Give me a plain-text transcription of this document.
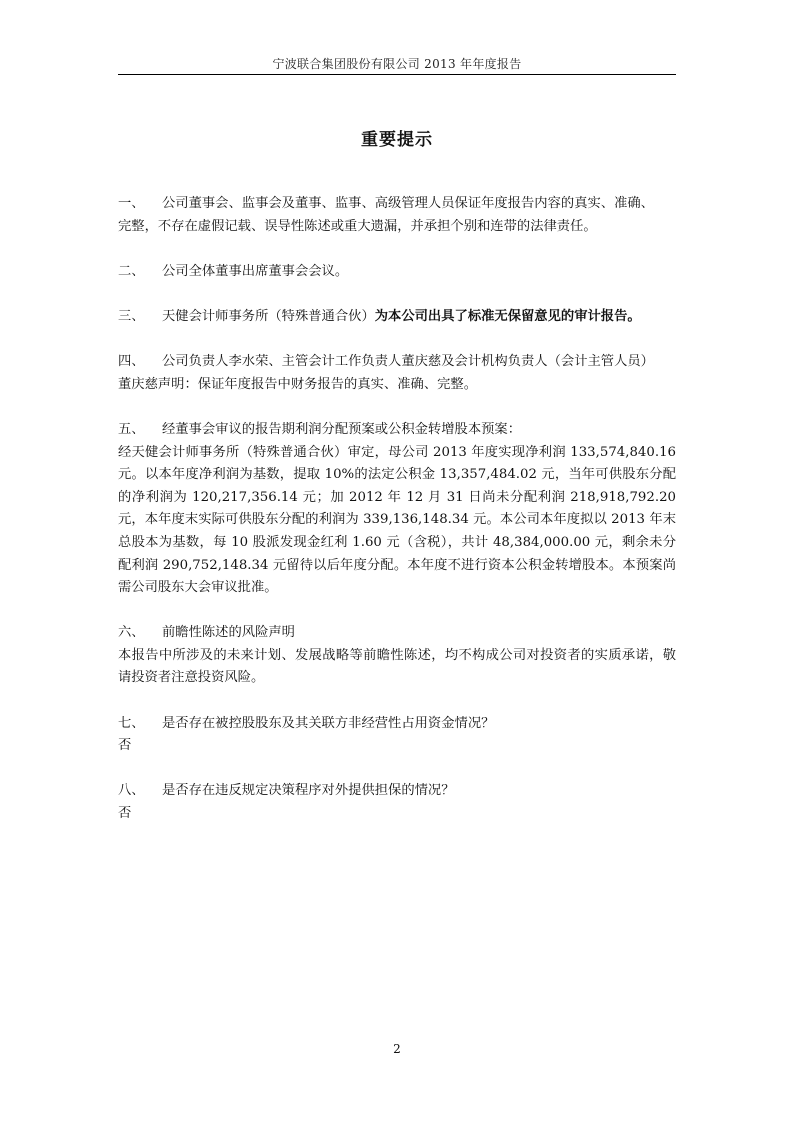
宁波联合集团股份有限公司 2013 年年度报告
重要提示

一、 公司董事会、监事会及董事、监事、高级管理人员保证年度报告内容的真实、准确、

完整，不存在虚假记载、误导性陈述或重大遗漏，并承担个别和连带的法律责任。

二、 公司全体董事出席董事会会议。

三、 天健会计师事务所（特殊普通合伙）为本公司出具了标准无保留意见的审计报告。

四、 公司负责人李水荣、主管会计工作负责人董庆慈及会计机构负责人（会计主管人员）

董庆慈声明：保证年度报告中财务报告的真实、准确、完整。

五、 经董事会审议的报告期利润分配预案或公积金转增股本预案：

经天健会计师事务所（特殊普通合伙）审定，母公司 2013 年度实现净利润 133,574,840.16 元。以本年度净利润为基数，提取 10%的法定公积金 13,357,484.02 元，当年可供股东分配的净利润为 120,217,356.14 元；加 2012 年 12 月 31 日尚未分配利润 218,918,792.20 元，本年度末实际可供股东分配的利润为 339,136,148.34 元。本公司本年度拟以 2013 年末总股本为基数，每 10 股派发现金红利 1.60 元（含税），共计 48,384,000.00 元，剩余未分配利润 290,752,148.34 元留待以后年度分配。本年度不进行资本公积金转增股本。本预案尚需公司股东大会审议批准。

六、 前瞻性陈述的风险声明

本报告中所涉及的未来计划、发展战略等前瞻性陈述，均不构成公司对投资者的实质承诺，敬请投资者注意投资风险。

七、 是否存在被控股股东及其关联方非经营性占用资金情况？

否

八、 是否存在违反规定决策程序对外提供担保的情况？

否

2
